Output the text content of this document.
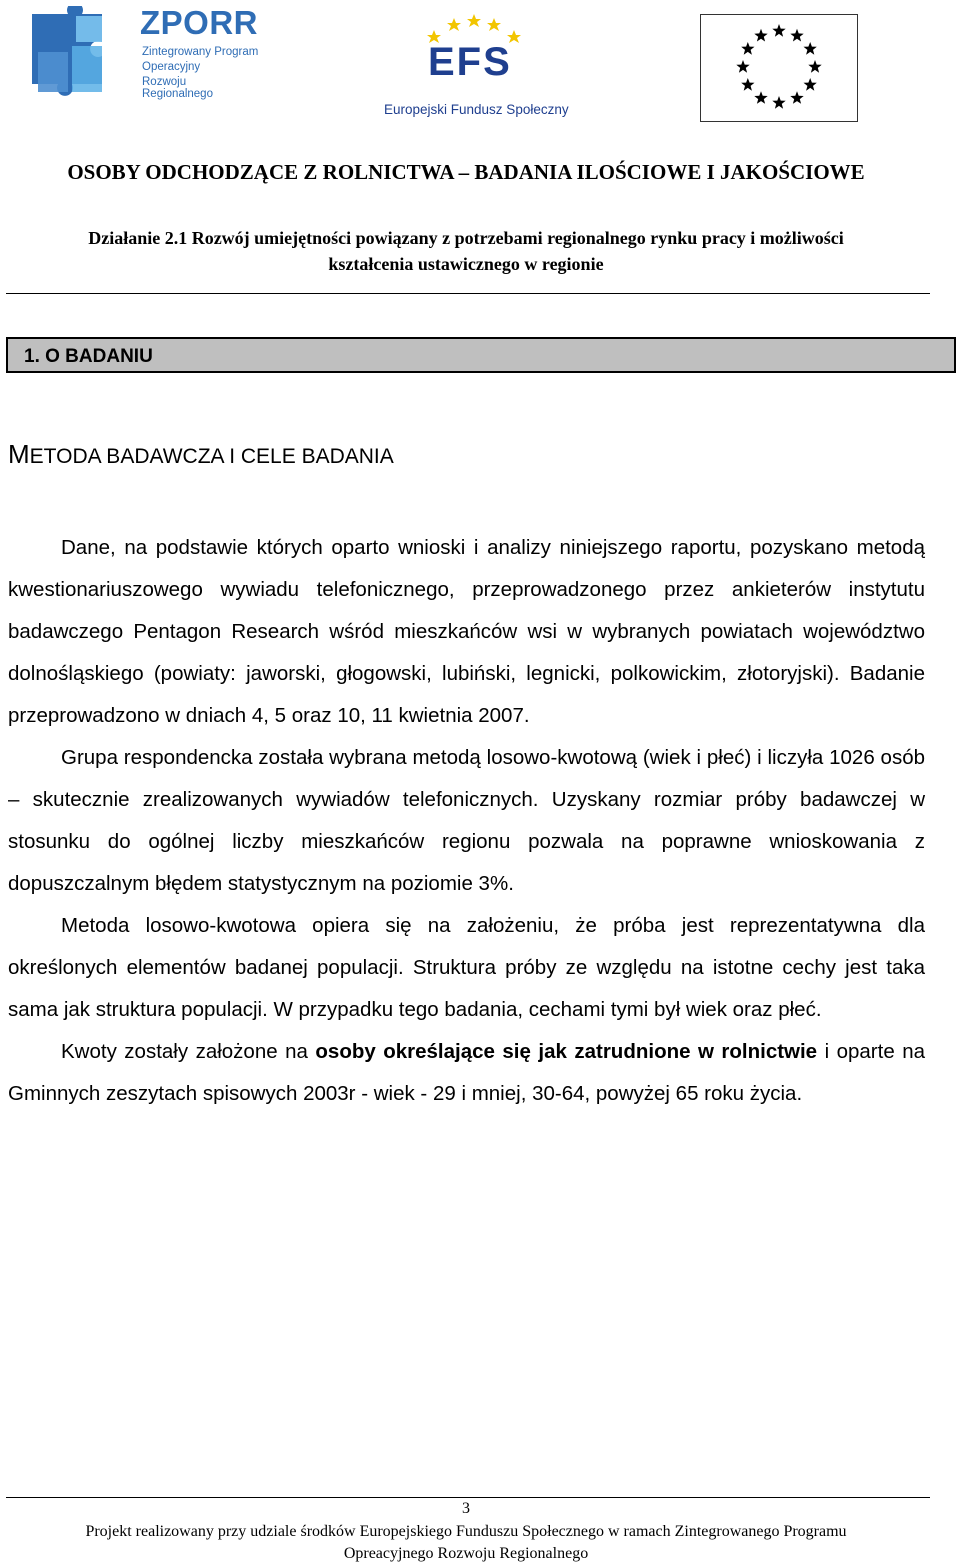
ZPORR
Zintegrowany Program
Operacyjny
Rozwoju Regionalnego
EFS
Europejski Fundusz Społeczny
OSOBY ODCHODZĄCE Z ROLNICTWA – BADANIA ILOŚCIOWE I JAKOŚCIOWE
Działanie 2.1 Rozwój umiejętności powiązany z potrzebami regionalnego rynku pracy i możliwości
kształcenia ustawicznego w regionie
1. O BADANIU
METODA BADAWCZA I CELE BADANIA

Dane, na podstawie których oparto wnioski i analizy niniejszego raportu, pozyskano metodą kwestionariuszowego wywiadu telefonicznego, przeprowadzonego przez ankieterów instytutu badawczego Pentagon Research wśród mieszkańców wsi w wybranych powiatach województwo dolnośląskiego (powiaty: jaworski, głogowski, lubiński, legnicki, polkowickim, złotoryjski). Badanie przeprowadzono w dniach 4, 5 oraz 10, 11 kwietnia 2007.

Grupa respondencka została wybrana metodą losowo-kwotową (wiek i płeć) i liczyła 1026 osób – skutecznie zrealizowanych wywiadów telefonicznych. Uzyskany rozmiar próby badawczej w stosunku do ogólnej liczby mieszkańców regionu pozwala na poprawne wnioskowania z dopuszczalnym błędem statystycznym na poziomie 3%.

Metoda losowo-kwotowa opiera się na założeniu, że próba jest reprezentatywna dla określonych elementów badanej populacji. Struktura próby ze względu na istotne cechy jest taka sama jak struktura populacji. W przypadku tego badania, cechami tymi był wiek oraz płeć.

Kwoty zostały założone na osoby określające się jak zatrudnione w rolnictwie i oparte na Gminnych zeszytach spisowych 2003r - wiek - 29 i mniej, 30-64, powyżej 65 roku życia.

3
Projekt realizowany przy udziale środków Europejskiego Funduszu Społecznego w ramach Zintegrowanego Programu
Opreacyjnego Rozwoju Regionalnego
